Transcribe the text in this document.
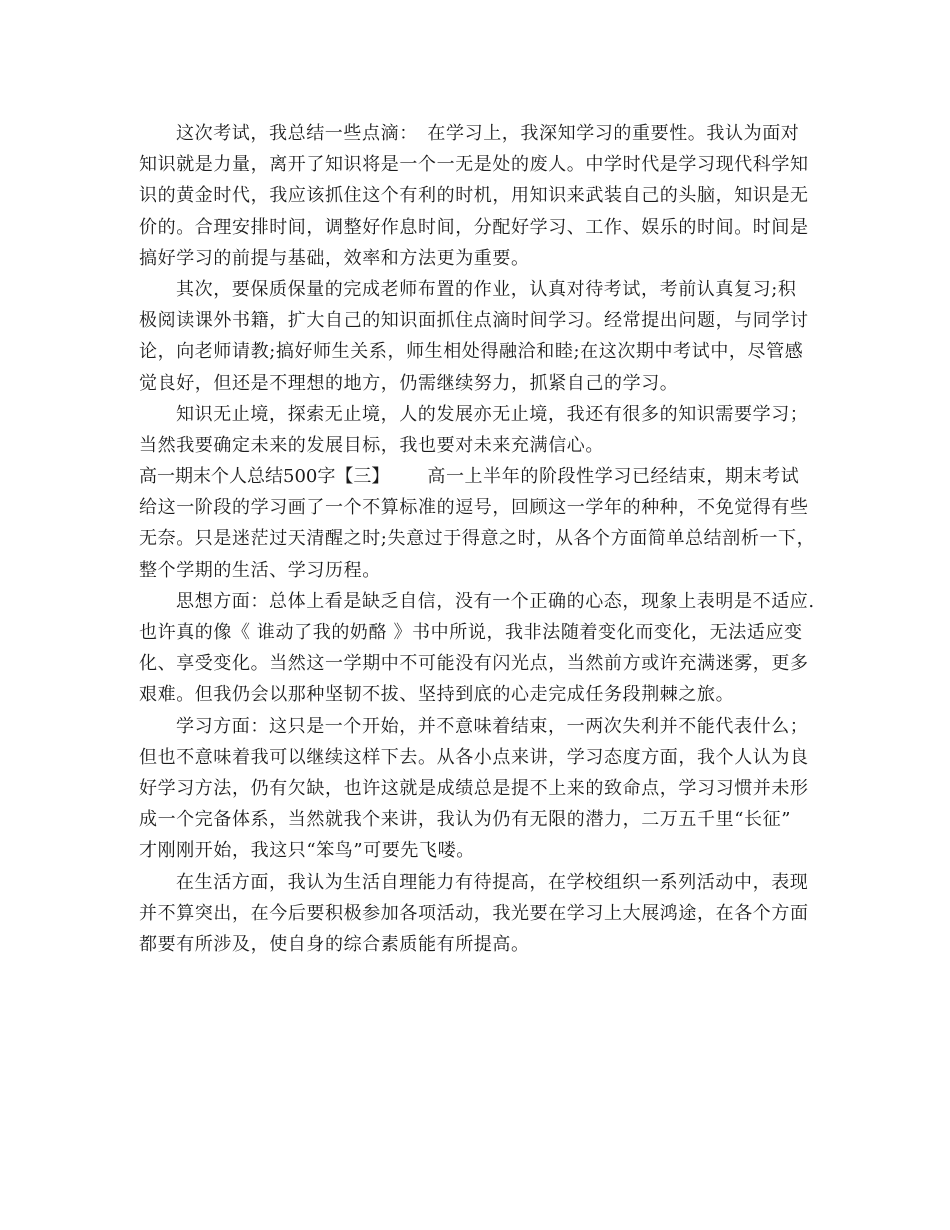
这次考试，我总结一些点滴：　在学习上，我深知学习的重要性。我认为面对
知识就是力量，离开了知识将是一个一无是处的废人。中学时代是学习现代科学知
识的黄金时代，我应该抓住这个有利的时机，用知识来武装自己的头脑，知识是无
价的。合理安排时间，调整好作息时间，分配好学习、工作、娱乐的时间。时间是
搞好学习的前提与基础，效率和方法更为重要。
其次，要保质保量的完成老师布置的作业，认真对待考试，考前认真复习;积
极阅读课外书籍，扩大自己的知识面抓住点滴时间学习。经常提出问题，与同学讨
论，向老师请教;搞好师生关系，师生相处得融洽和睦;在这次期中考试中，尽管感
觉良好，但还是不理想的地方，仍需继续努力，抓紧自己的学习。
知识无止境，探索无止境，人的发展亦无止境，我还有很多的知识需要学习；
当然我要确定未来的发展目标，我也要对未来充满信心。
高一期末个人总结500字【三】 高一上半年的阶段性学习已经结束，期末考试
给这一阶段的学习画了一个不算标准的逗号，回顾这一学年的种种，不免觉得有些
无奈。只是迷茫过天清醒之时;失意过于得意之时，从各个方面简单总结剖析一下，
整个学期的生活、学习历程。
思想方面：总体上看是缺乏自信，没有一个正确的心态，现象上表明是不适应.
也许真的像《 谁动了我的奶酪 》书中所说，我非法随着变化而变化，无法适应变
化、享受变化。当然这一学期中不可能没有闪光点，当然前方或许充满迷雾，更多
艰难。但我仍会以那种坚韧不拔、坚持到底的心走完成任务段荆棘之旅。
学习方面：这只是一个开始，并不意味着结束，一两次失利并不能代表什么；
但也不意味着我可以继续这样下去。从各小点来讲，学习态度方面，我个人认为良
好学习方法，仍有欠缺，也许这就是成绩总是提不上来的致命点，学习习惯并未形
成一个完备体系，当然就我个来讲，我认为仍有无限的潜力，二万五千里“长征”
才刚刚开始，我这只“笨鸟”可要先飞喽。
在生活方面，我认为生活自理能力有待提高，在学校组织一系列活动中，表现
并不算突出，在今后要积极参加各项活动，我光要在学习上大展鸿途，在各个方面
都要有所涉及，使自身的综合素质能有所提高。
